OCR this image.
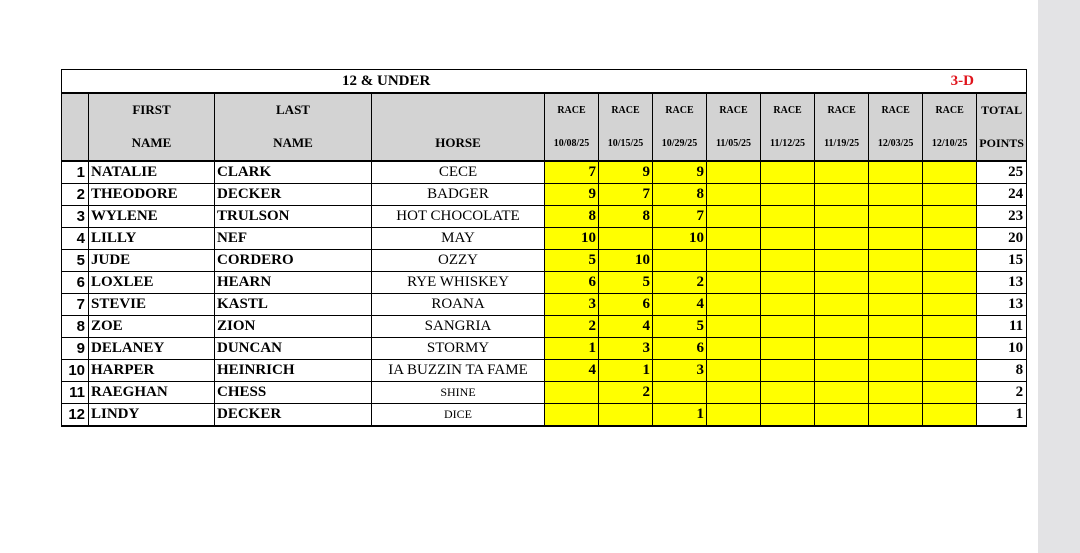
12 & UNDER									3-D			
	FIRST	LAST		RACE	RACE	RACE	RACE	RACE	RACE	RACE	RACE	TOTAL
	NAME	NAME	HORSE	10/08/25	10/15/25	10/29/25	11/05/25	11/12/25	11/19/25	12/03/25	12/10/25	POINTS
1	NATALIE	CLARK	CECE	7	9	9						25
2	THEODORE	DECKER	BADGER	9	7	8						24
3	WYLENE	TRULSON	HOT CHOCOLATE	8	8	7						23
4	LILLY	NEF	MAY	10		10						20
5	JUDE	CORDERO	OZZY	5	10							15
6	LOXLEE	HEARN	RYE WHISKEY	6	5	2						13
7	STEVIE	KASTL	ROANA	3	6	4						13
8	ZOE	ZION	SANGRIA	2	4	5						11
9	DELANEY	DUNCAN	STORMY	1	3	6						10
10	HARPER	HEINRICH	IA BUZZIN TA FAME	4	1	3						8
11	RAEGHAN	CHESS	SHINE		2							2
12	LINDY	DECKER	DICE			1						1
